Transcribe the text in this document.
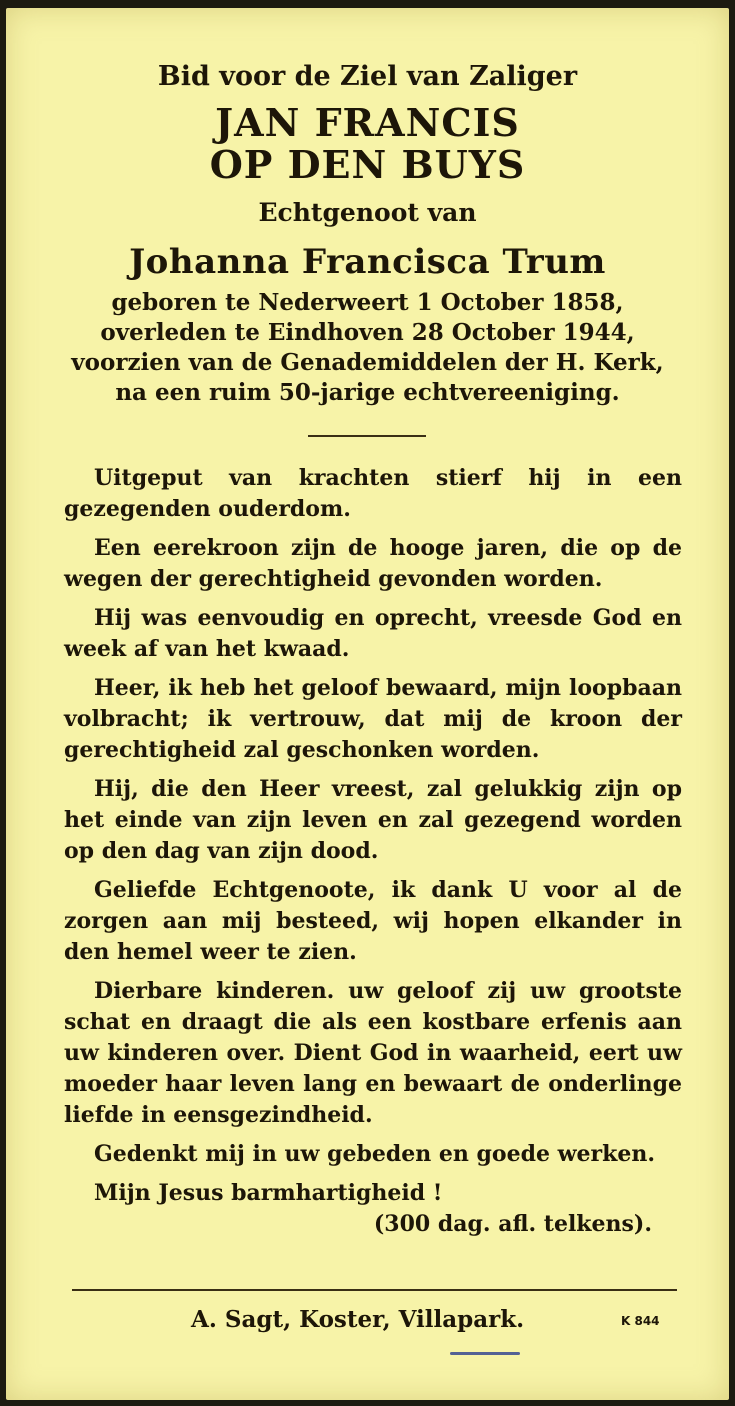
Bid voor de Ziel van Zaliger
JAN FRANCIS
OP DEN BUYS
Echtgenoot van
Johanna Francisca Trum
geboren te Nederweert 1 October 1858, overleden te Eindhoven 28 October 1944, voorzien van de Genademiddelen der H. Kerk, na een ruim 50-jarige echtvereeniging.

Uitgeput van krachten stierf hij in een gezegenden ouderdom.

Een eerekroon zijn de hooge jaren, die op de wegen der gerechtigheid gevonden worden.

Hij was eenvoudig en oprecht, vreesde God en week af van het kwaad.

Heer, ik heb het geloof bewaard, mijn loopbaan volbracht; ik vertrouw, dat mij de kroon der gerechtigheid zal geschonken worden.

Hij, die den Heer vreest, zal gelukkig zijn op het einde van zijn leven en zal gezegend worden op den dag van zijn dood.

Geliefde Echtgenoote, ik dank U voor al de zorgen aan mij besteed, wij hopen elkander in den hemel weer te zien.

Dierbare kinderen. uw geloof zij uw grootste schat en draagt die als een kostbare erfenis aan uw kinderen over. Dient God in waarheid, eert uw moeder haar leven lang en bewaart de onderlinge liefde in eensgezindheid.

Gedenkt mij in uw gebeden en goede werken.

Mijn Jesus barmhartigheid !

(300 dag. afl. telkens).
A. Sagt, Koster, Villapark.	K 844
